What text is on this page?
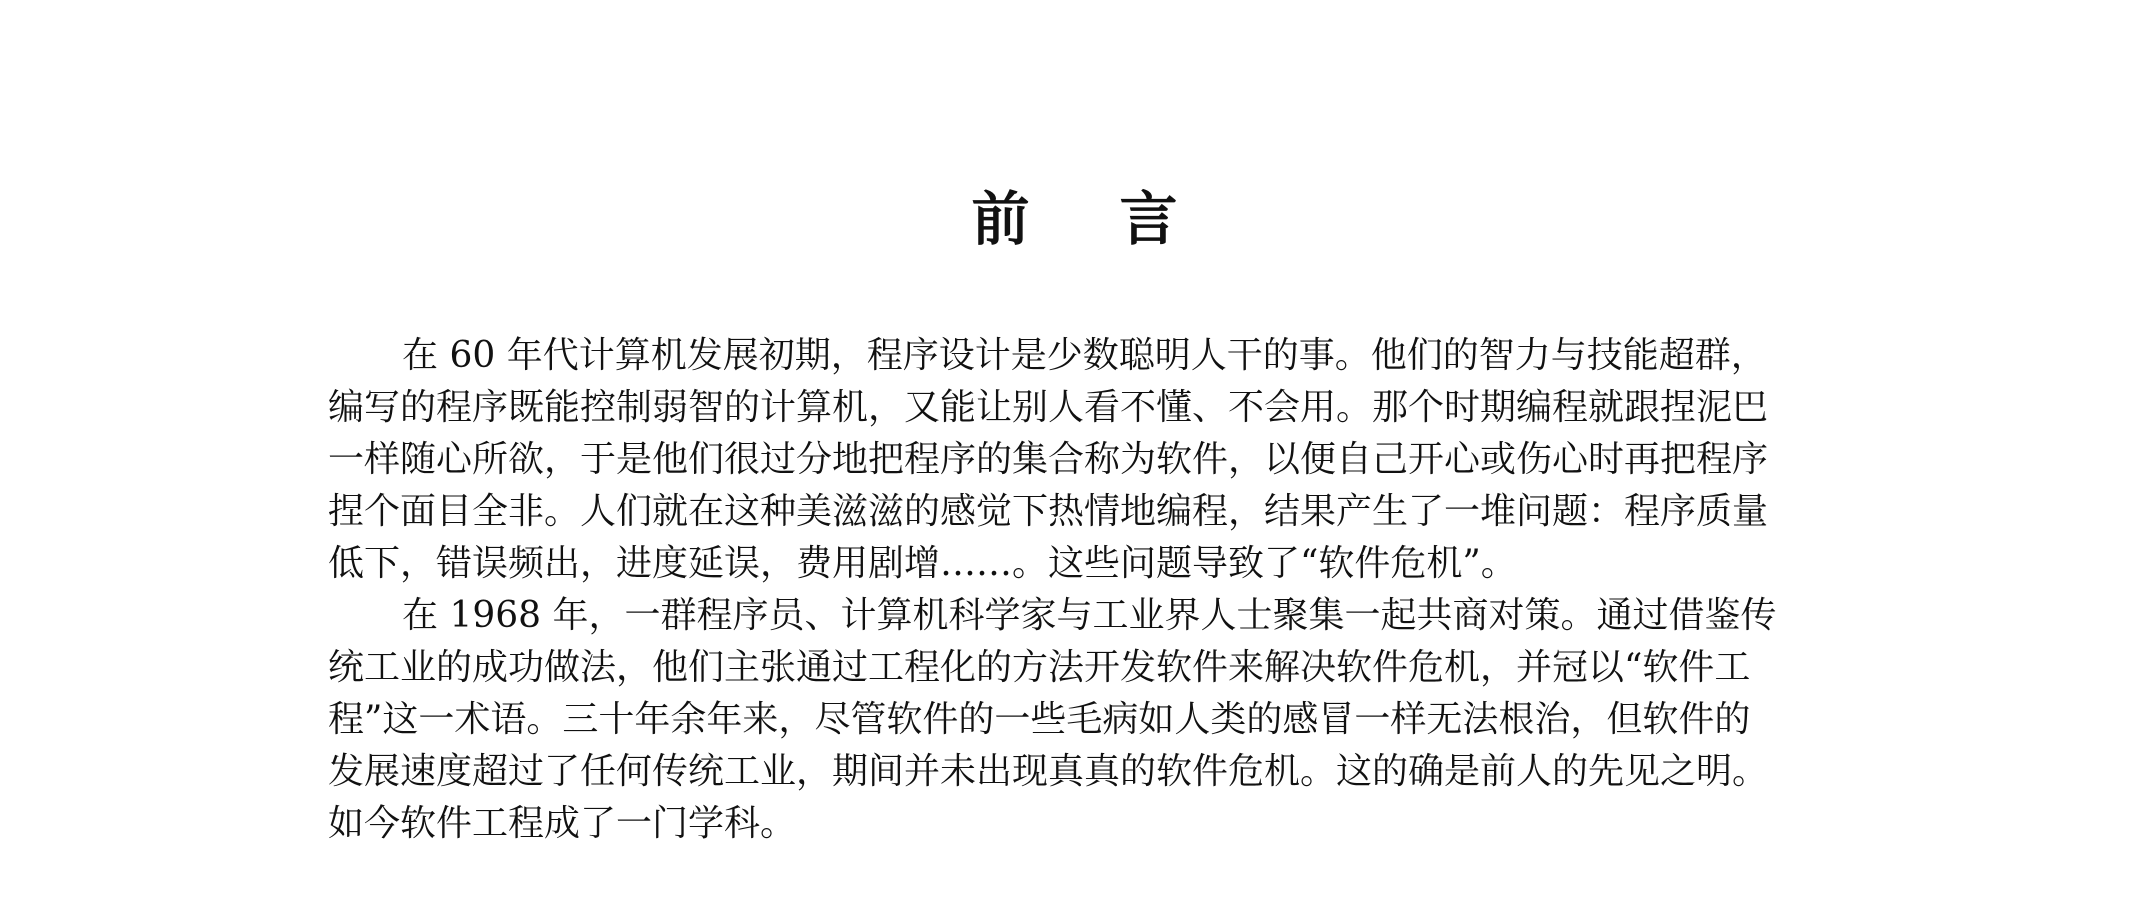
前 言
在 60 年代计算机发展初期，程序设计是少数聪明人干的事。他们的智力与技能超群，
编写的程序既能控制弱智的计算机，又能让别人看不懂、不会用。那个时期编程就跟捏泥巴
一样随心所欲，于是他们很过分地把程序的集合称为软件，以便自己开心或伤心时再把程序
捏个面目全非。人们就在这种美滋滋的感觉下热情地编程，结果产生了一堆问题：程序质量
低下，错误频出，进度延误，费用剧增……。这些问题导致了“软件危机”。
在 1968 年，一群程序员、计算机科学家与工业界人士聚集一起共商对策。通过借鉴传
统工业的成功做法，他们主张通过工程化的方法开发软件来解决软件危机，并冠以“软件工
程”这一术语。三十年余年来，尽管软件的一些毛病如人类的感冒一样无法根治，但软件的
发展速度超过了任何传统工业，期间并未出现真真的软件危机。这的确是前人的先见之明。
如今软件工程成了一门学科。
